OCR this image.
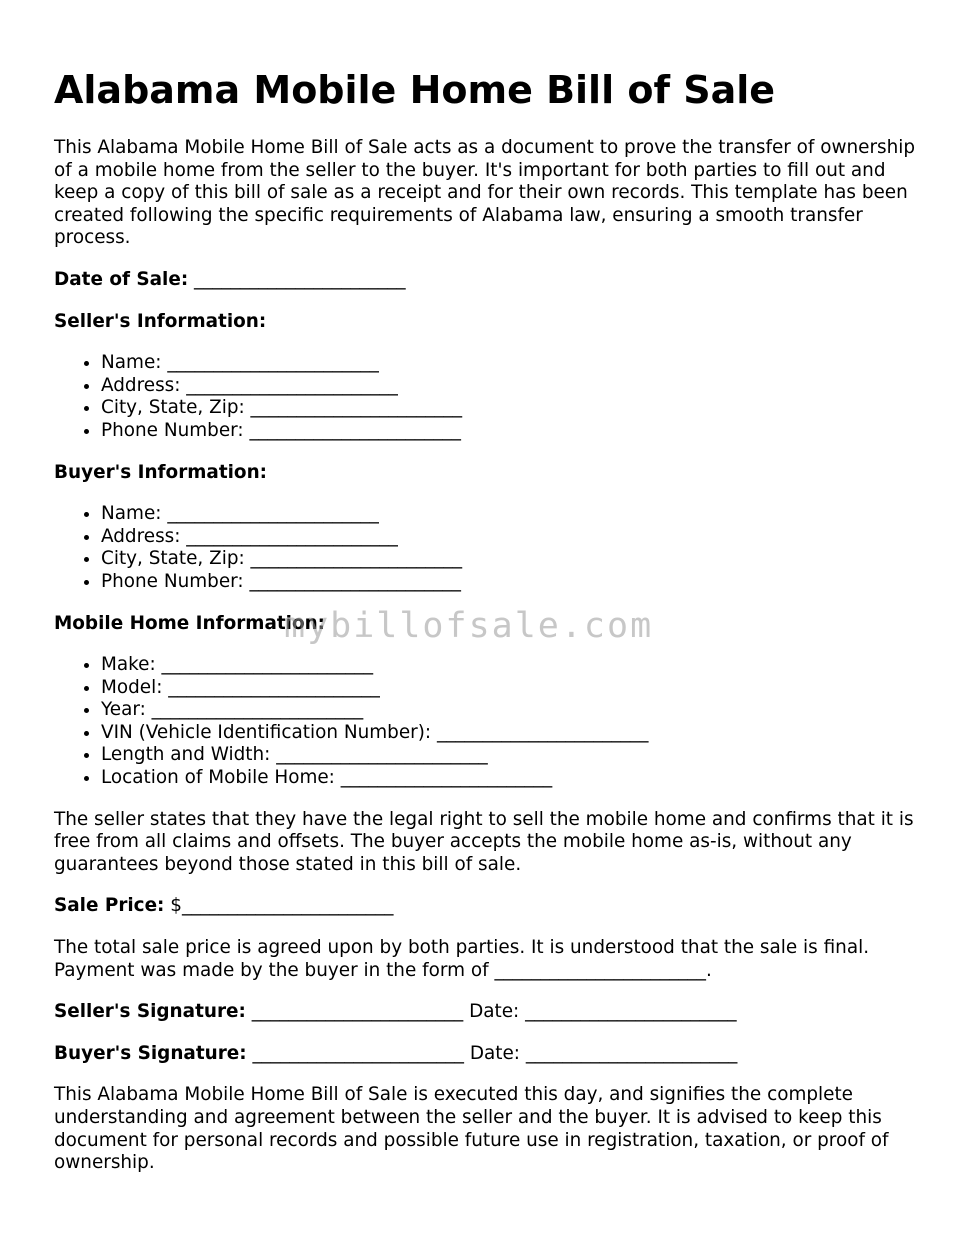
Alabama Mobile Home Bill of Sale

This Alabama Mobile Home Bill of Sale acts as a document to prove the transfer of ownership of a mobile home from the seller to the buyer. It's important for both parties to fill out and keep a copy of this bill of sale as a receipt and for their own records. This template has been created following the specific requirements of Alabama law, ensuring a smooth transfer process.

Date of Sale: _______________________

Seller's Information:

• Name: _______________________
• Address: _______________________
• City, State, Zip: _______________________
• Phone Number: _______________________

Buyer's Information:

• Name: _______________________
• Address: _______________________
• City, State, Zip: _______________________
• Phone Number: _______________________

Mobile Home Information:

• Make: _______________________
• Model: _______________________
• Year: _______________________
• VIN (Vehicle Identification Number): _______________________
• Length and Width: _______________________
• Location of Mobile Home: _______________________

The seller states that they have the legal right to sell the mobile home and confirms that it is free from all claims and offsets. The buyer accepts the mobile home as-is, without any guarantees beyond those stated in this bill of sale.

Sale Price: $_______________________

The total sale price is agreed upon by both parties. It is understood that the sale is final. Payment was made by the buyer in the form of _______________________.

Seller's Signature: _______________________ Date: _______________________

Buyer's Signature: _______________________ Date: _______________________

This Alabama Mobile Home Bill of Sale is executed this day, and signifies the complete understanding and agreement between the seller and the buyer. It is advised to keep this document for personal records and possible future use in registration, taxation, or proof of ownership.

mybillofsale.com
